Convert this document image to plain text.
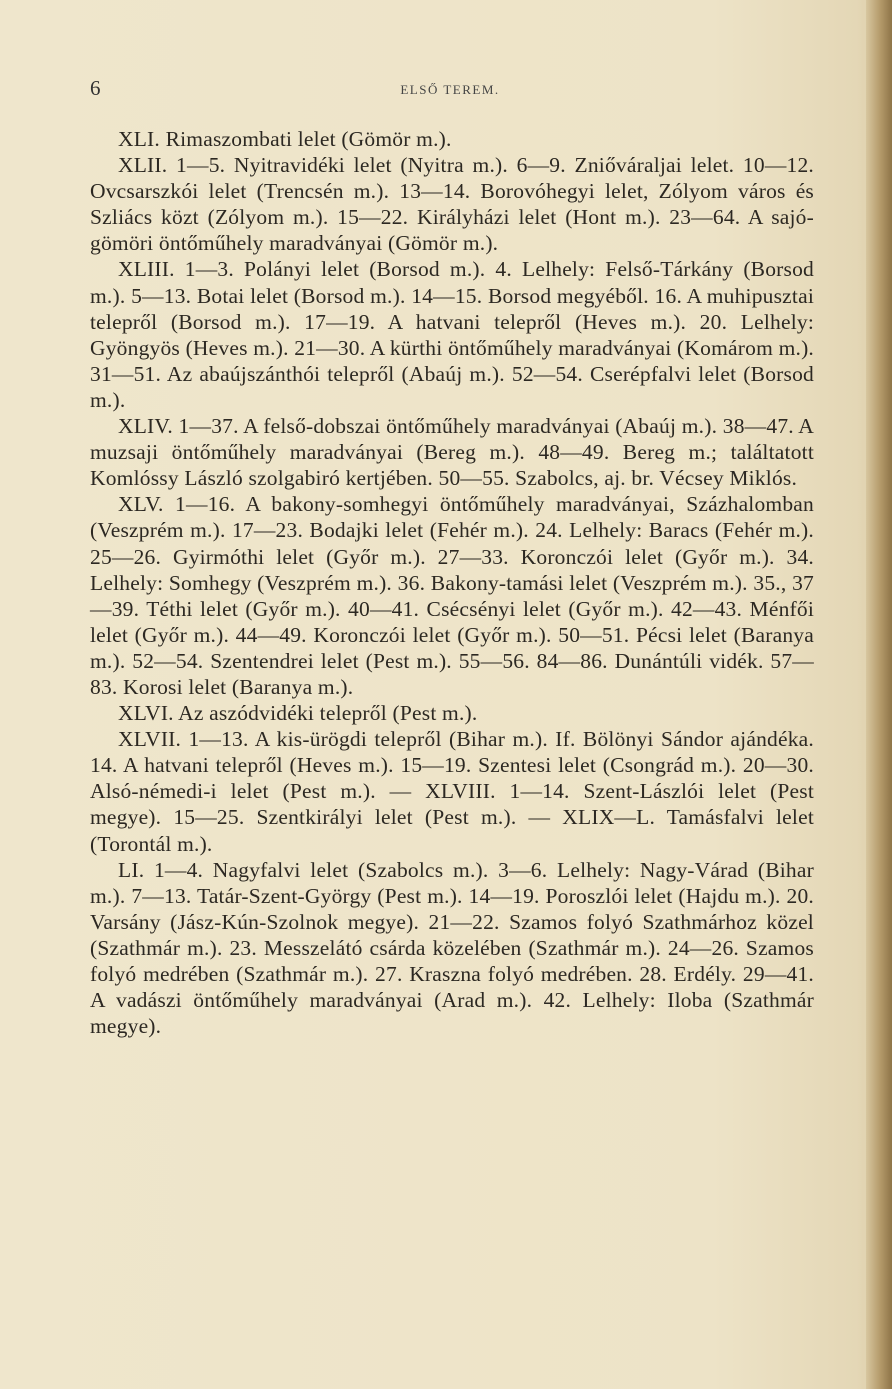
6	ELSŐ TEREM.

XLI. Rimaszombati lelet (Gömör m.).

XLII. 1—5. Nyitravidéki lelet (Nyitra m.). 6—9. Zniőváraljai lelet. 10—12. Ovcsarszkói lelet (Trencsén m.). 13—14. Borovóhegyi lelet, Zólyom város és Szliács közt (Zólyom m.). 15—22. Királyházi lelet (Hont m.). 23—64. A sajó-gömöri öntőműhely maradványai (Gömör m.).

XLIII. 1—3. Polányi lelet (Borsod m.). 4. Lelhely: Felső-Tárkány (Borsod m.). 5—13. Botai lelet (Borsod m.). 14—15. Borsod megyéből. 16. A muhipusztai telepről (Borsod m.). 17—19. A hatvani telepről (Heves m.). 20. Lelhely: Gyöngyös (Heves m.). 21—30. A kürthi öntőműhely maradványai (Komárom m.). 31—51. Az abaújszánthói telepről (Abaúj m.). 52—54. Cserépfalvi lelet (Borsod m.).

XLIV. 1—37. A felső-dobszai öntőműhely maradványai (Abaúj m.). 38—47. A muzsaji öntőműhely maradványai (Bereg m.). 48—49. Bereg m.; találtatott Komlóssy László szolgabiró kertjében. 50—55. Szabolcs, aj. br. Vécsey Miklós.

XLV. 1—16. A bakony-somhegyi öntőműhely maradványai, Százhalomban (Veszprém m.). 17—23. Bodajki lelet (Fehér m.). 24. Lelhely: Baracs (Fehér m.). 25—26. Gyirmóthi lelet (Győr m.). 27—33. Koronczói lelet (Győr m.). 34. Lelhely: Somhegy (Veszprém m.). 36. Bakony-tamási lelet (Veszprém m.). 35., 37—39. Téthi lelet (Győr m.). 40—41. Csécsényi lelet (Győr m.). 42—43. Ménfői lelet (Győr m.). 44—49. Koronczói lelet (Győr m.). 50—51. Pécsi lelet (Baranya m.). 52—54. Szentendrei lelet (Pest m.). 55—56. 84—86. Dunántúli vidék. 57—83. Korosi lelet (Baranya m.).

XLVI. Az aszódvidéki telepről (Pest m.).

XLVII. 1—13. A kis-ürögdi telepről (Bihar m.). If. Bölönyi Sándor ajándéka. 14. A hatvani telepről (Heves m.). 15—19. Szentesi lelet (Csongrád m.). 20—30. Alsó-némedi-i lelet (Pest m.). — XLVIII. 1—14. Szent-Lászlói lelet (Pest megye). 15—25. Szentkirályi lelet (Pest m.). — XLIX—L. Tamásfalvi lelet (Torontál m.).

LI. 1—4. Nagyfalvi lelet (Szabolcs m.). 3—6. Lelhely: Nagy-Várad (Bihar m.). 7—13. Tatár-Szent-György (Pest m.). 14—19. Poroszlói lelet (Hajdu m.). 20. Varsány (Jász-Kún-Szolnok megye). 21—22. Szamos folyó Szathmárhoz közel (Szathmár m.). 23. Messzelátó csárda közelében (Szathmár m.). 24—26. Szamos folyó medrében (Szathmár m.). 27. Kraszna folyó medrében. 28. Erdély. 29—41. A vadászi öntőműhely maradványai (Arad m.). 42. Lelhely: Iloba (Szathmár megye).
